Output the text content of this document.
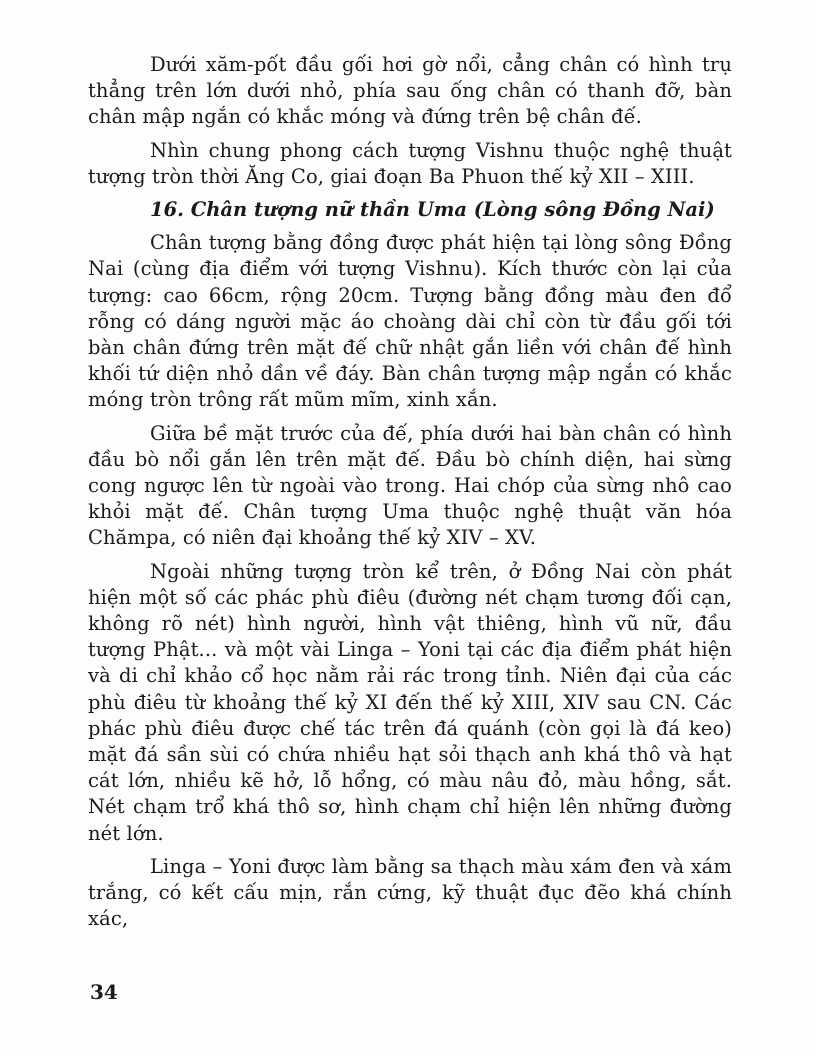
Dưới xăm-pốt đầu gối hơi gờ nổi, cẳng chân có hình trụ thẳng trên lớn dưới nhỏ, phía sau ống chân có thanh đỡ, bàn chân mập ngắn có khắc móng và đứng trên bệ chân đế.

Nhìn chung phong cách tượng Vishnu thuộc nghệ thuật tượng tròn thời Ăng Co, giai đoạn Ba Phuon thế kỷ XII – XIII.

16. Chân tượng nữ thần Uma (Lòng sông Đồng Nai)

Chân tượng bằng đồng được phát hiện tại lòng sông Đồng Nai (cùng địa điểm với tượng Vishnu). Kích thước còn lại của tượng: cao 66cm, rộng 20cm. Tượng bằng đồng màu đen đổ rỗng có dáng người mặc áo choàng dài chỉ còn từ đầu gối tới bàn chân đứng trên mặt đế chữ nhật gắn liền với chân đế hình khối tứ diện nhỏ dần về đáy. Bàn chân tượng mập ngắn có khắc móng tròn trông rất mũm mĩm, xinh xắn.

Giữa bề mặt trước của đế, phía dưới hai bàn chân có hình đầu bò nổi gắn lên trên mặt đế. Đầu bò chính diện, hai sừng cong ngược lên từ ngoài vào trong. Hai chóp của sừng nhô cao khỏi mặt đế. Chân tượng Uma thuộc nghệ thuật văn hóa Chămpa, có niên đại khoảng thế kỷ XIV – XV.

Ngoài những tượng tròn kể trên, ở Đồng Nai còn phát hiện một số các phác phù điêu (đường nét chạm tương đối cạn, không rõ nét) hình người, hình vật thiêng, hình vũ nữ, đầu tượng Phật... và một vài Linga – Yoni tại các địa điểm phát hiện và di chỉ khảo cổ học nằm rải rác trong tỉnh. Niên đại của các phù điêu từ khoảng thế kỷ XI đến thế kỷ XIII, XIV sau CN. Các phác phù điêu được chế tác trên đá quánh (còn gọi là đá keo) mặt đá sần sùi có chứa nhiều hạt sỏi thạch anh khá thô và hạt cát lớn, nhiều kẽ hở, lỗ hổng, có màu nâu đỏ, màu hồng, sắt. Nét chạm trổ khá thô sơ, hình chạm chỉ hiện lên những đường nét lớn.

Linga – Yoni được làm bằng sa thạch màu xám đen và xám trắng, có kết cấu mịn, rắn cứng, kỹ thuật đục đẽo khá chính xác,

34
